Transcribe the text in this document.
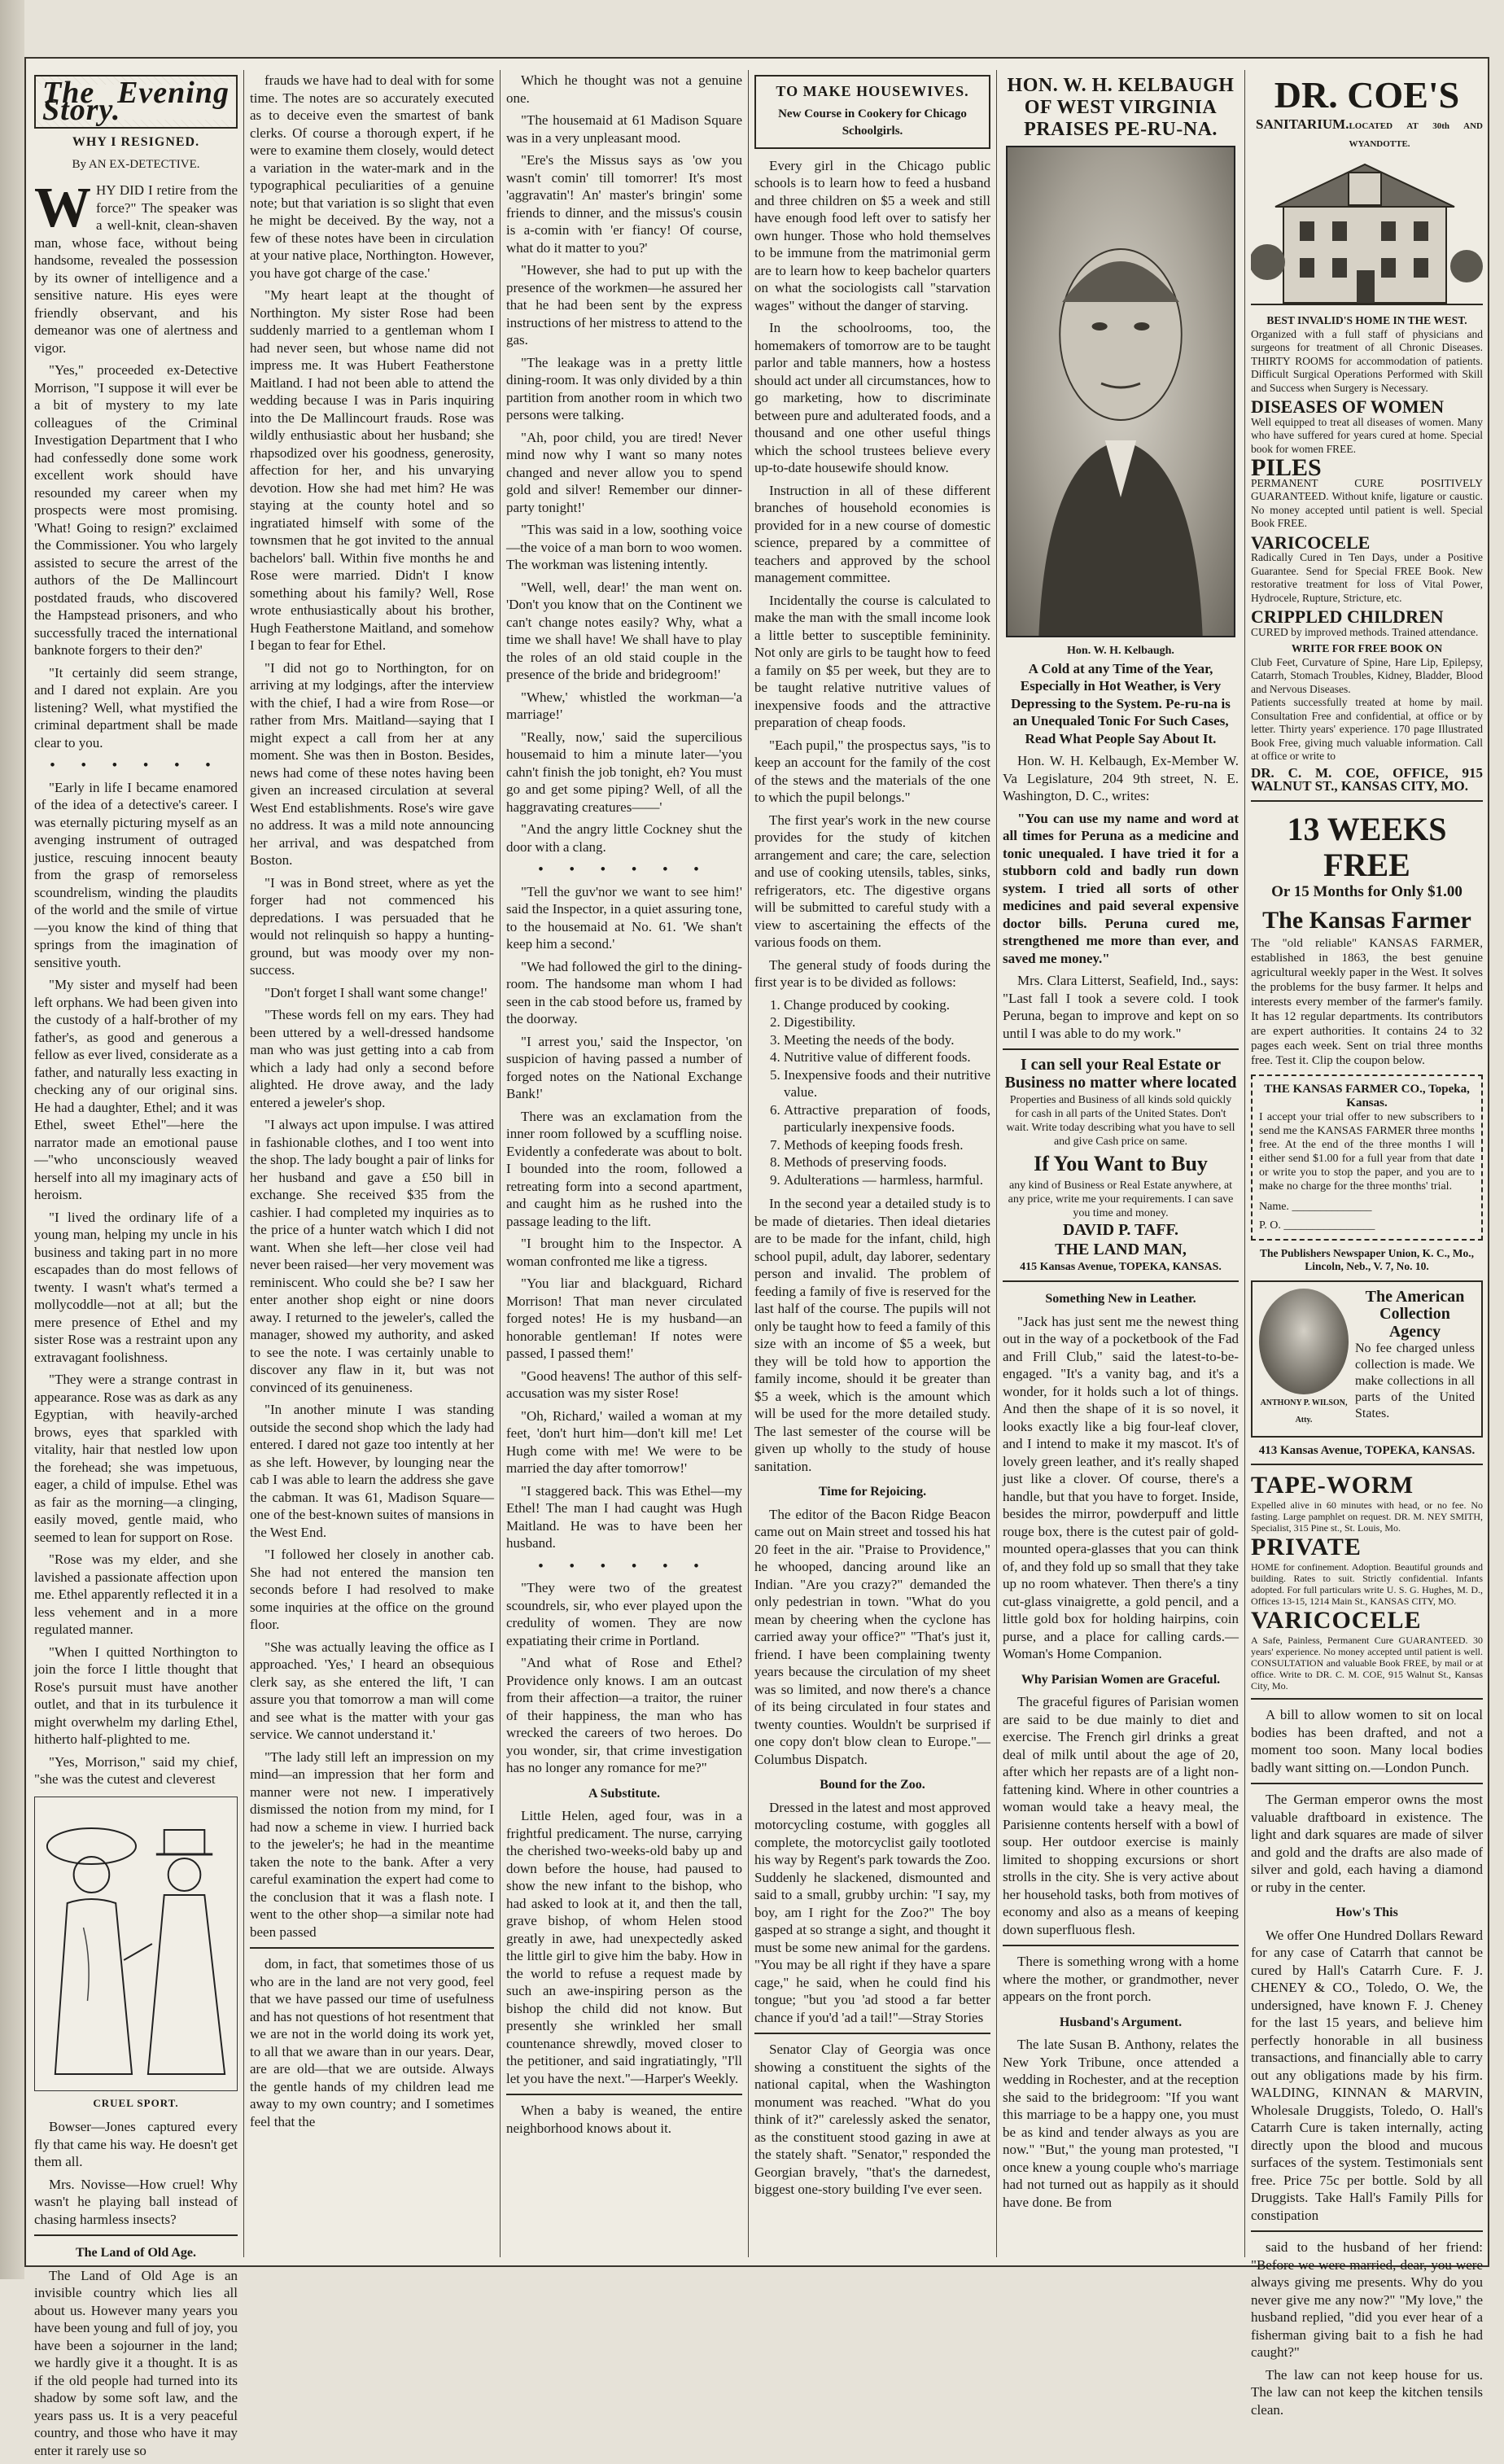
The Evening Story.
WHY I RESIGNED.
By AN EX-DETECTIVE.

WHY DID I retire from the force?" The speaker was a well-knit, clean-shaven man, whose face, without being handsome, revealed the possession by its owner of intelligence and a sensitive nature. His eyes were friendly observant, and his demeanor was one of alertness and vigor.

"Yes," proceeded ex-Detective Morrison, "I suppose it will ever be a bit of mystery to my late colleagues of the Criminal Investigation Department that I who had confessedly done some work excellent work should have resounded my career when my prospects were most promising. 'What! Going to resign?' exclaimed the Commissioner. You who largely assisted to secure the arrest of the authors of the De Mallincourt postdated frauds, who discovered the Hampstead prisoners, and who successfully traced the international banknote forgers to their den?'

"It certainly did seem strange, and I dared not explain. Are you listening? Well, what mystified the criminal department shall be made clear to you.

• • • • • •

"Early in life I became enamored of the idea of a detective's career. I was eternally picturing myself as an avenging instrument of outraged justice, rescuing innocent beauty from the grasp of remorseless scoundrelism, winding the plaudits of the world and the smile of virtue—you know the kind of thing that springs from the imagination of sensitive youth.

"My sister and myself had been left orphans. We had been given into the custody of a half-brother of my father's, as good and generous a fellow as ever lived, considerate as a father, and naturally less exacting in checking any of our original sins. He had a daughter, Ethel; and it was Ethel, sweet Ethel"—here the narrator made an emotional pause—"who unconsciously weaved herself into all my imaginary acts of heroism.

"I lived the ordinary life of a young man, helping my uncle in his business and taking part in no more escapades than do most fellows of twenty. I wasn't what's termed a mollycoddle—not at all; but the mere presence of Ethel and my sister Rose was a restraint upon any extravagant foolishness.

"They were a strange contrast in appearance. Rose was as dark as any Egyptian, with heavily-arched brows, eyes that sparkled with vitality, hair that nestled low upon the forehead; she was impetuous, eager, a child of impulse. Ethel was as fair as the morning—a clinging, easily moved, gentle maid, who seemed to lean for support on Rose.

"Rose was my elder, and she lavished a passionate affection upon me. Ethel apparently reflected it in a less vehement and in a more regulated manner.

"When I quitted Northington to join the force I little thought that Rose's pursuit must have another outlet, and that in its turbulence it might overwhelm my darling Ethel, hitherto half-plighted to me.

"Yes, Morrison," said my chief, "she was the cutest and cleverest

CRUEL SPORT.

Bowser—Jones captured every fly that came his way. He doesn't get them all.

Mrs. Novisse—How cruel! Why wasn't he playing ball instead of chasing harmless insects?

The Land of Old Age.

The Land of Old Age is an invisible country which lies all about us. However many years you have been young and full of joy, you have been a sojourner in the land; we hardly give it a thought. It is as if the old people had turned into its shadow by some soft law, and the years pass us. It is a very peaceful country, and those who have it may enter it rarely use so

frauds we have had to deal with for some time. The notes are so accurately executed as to deceive even the smartest of bank clerks. Of course a thorough expert, if he were to examine them closely, would detect a variation in the water-mark and in the typographical peculiarities of a genuine note; but that variation is so slight that even he might be deceived. By the way, not a few of these notes have been in circulation at your native place, Northington. However, you have got charge of the case.'

"My heart leapt at the thought of Northington. My sister Rose had been suddenly married to a gentleman whom I had never seen, but whose name did not impress me. It was Hubert Featherstone Maitland. I had not been able to attend the wedding because I was in Paris inquiring into the De Mallincourt frauds. Rose was wildly enthusiastic about her husband; she rhapsodized over his goodness, generosity, affection for her, and his unvarying devotion. How she had met him? He was staying at the county hotel and so ingratiated himself with some of the townsmen that he got invited to the annual bachelors' ball. Within five months he and Rose were married. Didn't I know something about his family? Well, Rose wrote enthusiastically about his brother, Hugh Featherstone Maitland, and somehow I began to fear for Ethel.

"I did not go to Northington, for on arriving at my lodgings, after the interview with the chief, I had a wire from Rose—or rather from Mrs. Maitland—saying that I might expect a call from her at any moment. She was then in Boston. Besides, news had come of these notes having been given an increased circulation at several West End establishments. Rose's wire gave no address. It was a mild note announcing her arrival, and was despatched from Boston.

"I was in Bond street, where as yet the forger had not commenced his depredations. I was persuaded that he would not relinquish so happy a hunting-ground, but was moody over my non-success.

"Don't forget I shall want some change!'

"These words fell on my ears. They had been uttered by a well-dressed handsome man who was just getting into a cab from which a lady had only a second before alighted. He drove away, and the lady entered a jeweler's shop.

"I always act upon impulse. I was attired in fashionable clothes, and I too went into the shop. The lady bought a pair of links for her husband and gave a £50 bill in exchange. She received $35 from the cashier. I had completed my inquiries as to the price of a hunter watch which I did not want. When she left—her close veil had never been raised—her very movement was reminiscent. Who could she be? I saw her enter another shop eight or nine doors away. I returned to the jeweler's, called the manager, showed my authority, and asked to see the note. I was certainly unable to discover any flaw in it, but was not convinced of its genuineness.

"In another minute I was standing outside the second shop which the lady had entered. I dared not gaze too intently at her as she left. However, by lounging near the cab I was able to learn the address she gave the cabman. It was 61, Madison Square—one of the best-known suites of mansions in the West End.

"I followed her closely in another cab. She had not entered the mansion ten seconds before I had resolved to make some inquiries at the office on the ground floor.

"She was actually leaving the office as I approached. 'Yes,' I heard an obsequious clerk say, as she entered the lift, 'I can assure you that tomorrow a man will come and see what is the matter with your gas service. We cannot understand it.'

"The lady still left an impression on my mind—an impression that her form and manner were not new. I imperatively dismissed the notion from my mind, for I had now a scheme in view. I hurried back to the jeweler's; he had in the meantime taken the note to the bank. After a very careful examination the expert had come to the conclusion that it was a flash note. I went to the other shop—a similar note had been passed

dom, in fact, that sometimes those of us who are in the land are not very good, feel that we have passed our time of usefulness and has not questions of hot resentment that we are not in the world doing its work yet, to all that we aware than in our years. Dear, are are old—that we are outside. Always the gentle hands of my children lead me away to my own country; and I sometimes feel that the

Which he thought was not a genuine one.

"The housemaid at 61 Madison Square was in a very unpleasant mood.

"Ere's the Missus says as 'ow you wasn't comin' till tomorrer! It's most 'aggravatin'! An' master's bringin' some friends to dinner, and the missus's cousin is a-comin with 'er fiancy! Of course, what do it matter to you?'

"However, she had to put up with the presence of the workmen—he assured her that he had been sent by the express instructions of her mistress to attend to the gas.

"The leakage was in a pretty little dining-room. It was only divided by a thin partition from another room in which two persons were talking.

"Ah, poor child, you are tired! Never mind now why I want so many notes changed and never allow you to spend gold and silver! Remember our dinner-party tonight!'

"This was said in a low, soothing voice—the voice of a man born to woo women. The workman was listening intently.

"Well, well, dear!' the man went on. 'Don't you know that on the Continent we can't change notes easily? Why, what a time we shall have! We shall have to play the roles of an old staid couple in the presence of the bride and bridegroom!'

"Whew,' whistled the workman—'a marriage!'

"Really, now,' said the supercilious housemaid to him a minute later—'you cahn't finish the job tonight, eh? You must go and get some piping? Well, of all the haggravating creatures——'

"And the angry little Cockney shut the door with a clang.

• • • • • •

"Tell the guv'nor we want to see him!' said the Inspector, in a quiet assuring tone, to the housemaid at No. 61. 'We shan't keep him a second.'

"We had followed the girl to the dining-room. The handsome man whom I had seen in the cab stood before us, framed by the doorway.

"I arrest you,' said the Inspector, 'on suspicion of having passed a number of forged notes on the National Exchange Bank!'

There was an exclamation from the inner room followed by a scuffling noise. Evidently a confederate was about to bolt. I bounded into the room, followed a retreating form into a second apartment, and caught him as he rushed into the passage leading to the lift.

"I brought him to the Inspector. A woman confronted me like a tigress.

"You liar and blackguard, Richard Morrison! That man never circulated forged notes! He is my husband—an honorable gentleman! If notes were passed, I passed them!'

"Good heavens! The author of this self-accusation was my sister Rose!

"Oh, Richard,' wailed a woman at my feet, 'don't hurt him—don't kill me! Let Hugh come with me! We were to be married the day after tomorrow!'

"I staggered back. This was Ethel—my Ethel! The man I had caught was Hugh Maitland. He was to have been her husband.

• • • • • •

"They were two of the greatest scoundrels, sir, who ever played upon the credulity of women. They are now expatiating their crime in Portland.

"And what of Rose and Ethel? Providence only knows. I am an outcast from their affection—a traitor, the ruiner of their happiness, the man who has wrecked the careers of two heroes. Do you wonder, sir, that crime investigation has no longer any romance for me?"

A Substitute.

Little Helen, aged four, was in a frightful predicament. The nurse, carrying the cherished two-weeks-old baby up and down before the house, had paused to show the new infant to the bishop, who had asked to look at it, and then the tall, grave bishop, of whom Helen stood greatly in awe, had unexpectedly asked the little girl to give him the baby. How in the world to refuse a request made by such an awe-inspiring person as the bishop the child did not know. But presently she wrinkled her small countenance shrewdly, moved closer to the petitioner, and said ingratiatingly, "I'll let you have the next."—Harper's Weekly.

When a baby is weaned, the entire neighborhood knows about it.

TO MAKE HOUSEWIVES.
New Course in Cookery for Chicago Schoolgirls.

Every girl in the Chicago public schools is to learn how to feed a husband and three children on $5 a week and still have enough food left over to satisfy her own hunger. Those who hold themselves to be immune from the matrimonial germ are to learn how to keep bachelor quarters on what the sociologists call "starvation wages" without the danger of starving.

In the schoolrooms, too, the homemakers of tomorrow are to be taught parlor and table manners, how a hostess should act under all circumstances, how to go marketing, how to discriminate between pure and adulterated foods, and a thousand and one other useful things which the school trustees believe every up-to-date housewife should know.

Instruction in all of these different branches of household economies is provided for in a new course of domestic science, prepared by a committee of teachers and approved by the school management committee.

Incidentally the course is calculated to make the man with the small income look a little better to susceptible femininity. Not only are girls to be taught how to feed a family on $5 per week, but they are to be taught relative nutritive values of inexpensive foods and the attractive preparation of cheap foods.

"Each pupil," the prospectus says, "is to keep an account for the family of the cost of the stews and the materials of the one to which the pupil belongs."

The first year's work in the new course provides for the study of kitchen arrangement and care; the care, selection and use of cooking utensils, tables, sinks, refrigerators, etc. The digestive organs will be submitted to careful study with a view to ascertaining the effects of the various foods on them.

The general study of foods during the first year is to be divided as follows:

1. Change produced by cooking.
2. Digestibility.
3. Meeting the needs of the body.
4. Nutritive value of different foods.
5. Inexpensive foods and their nutritive value.
6. Attractive preparation of foods, particularly inexpensive foods.
7. Methods of keeping foods fresh.
8. Methods of preserving foods.
9. Adulterations — harmless, harmful.

In the second year a detailed study is to be made of dietaries. Then ideal dietaries are to be made for the infant, child, high school pupil, adult, day laborer, sedentary person and invalid. The problem of feeding a family of five is reserved for the last half of the course. The pupils will not only be taught how to feed a family of this size with an income of $5 a week, but they will be told how to apportion the family income, should it be greater than $5 a week, which is the amount which will be used for the more detailed study. The last semester of the course will be given up wholly to the study of house sanitation.

Time for Rejoicing.

The editor of the Bacon Ridge Beacon came out on Main street and tossed his hat 20 feet in the air. "Praise to Providence," he whooped, dancing around like an Indian. "Are you crazy?" demanded the only pedestrian in town. "What do you mean by cheering when the cyclone has carried away your office?" "That's just it, friend. I have been complaining twenty years because the circulation of my sheet was so limited, and now there's a chance of its being circulated in four states and twenty counties. Wouldn't be surprised if one copy don't blow clean to Europe."—Columbus Dispatch.

Bound for the Zoo.

Dressed in the latest and most approved motorcycling costume, with goggles all complete, the motorcyclist gaily tootloted his way by Regent's park towards the Zoo. Suddenly he slackened, dismounted and said to a small, grubby urchin: "I say, my boy, am I right for the Zoo?" The boy gasped at so strange a sight, and thought it must be some new animal for the gardens. "You may be all right if they have a spare cage," he said, when he could find his tongue; "but you 'ad stood a far better chance if you'd 'ad a tail!"—Stray Stories

Senator Clay of Georgia was once showing a constituent the sights of the national capital, when the Washington monument was reached. "What do you think of it?" carelessly asked the senator, as the constituent stood gazing in awe at the stately shaft. "Senator," responded the Georgian bravely, "that's the darnedest, biggest one-story building I've ever seen.

HON. W. H. KELBAUGH OF WEST VIRGINIA PRAISES PE-RU-NA.
Hon. W. H. Kelbaugh.

A Cold at any Time of the Year, Especially in Hot Weather, is Very Depressing to the System. Pe-ru-na is an Unequaled Tonic For Such Cases, Read What People Say About It.

Hon. W. H. Kelbaugh, Ex-Member W. Va Legislature, 204 9th street, N. E. Washington, D. C., writes:

"You can use my name and word at all times for Peruna as a medicine and tonic unequaled. I have tried it for a stubborn cold and badly run down system. I tried all sorts of other medicines and paid several expensive doctor bills. Peruna cured me, strengthened me more than ever, and saved me money."

Mrs. Clara Litterst, Seafield, Ind., says: "Last fall I took a severe cold. I took Peruna, began to improve and kept on so until I was able to do my work."

I can sell your Real Estate or Business no matter where located
Properties and Business of all kinds sold quickly for cash in all parts of the United States. Don't wait. Write today describing what you have to sell and give Cash price on same.
If You Want to Buy
any kind of Business or Real Estate anywhere, at any price, write me your requirements. I can save you time and money.
DAVID P. TAFF.
THE LAND MAN,
415 Kansas Avenue, TOPEKA, KANSAS.
Something New in Leather.

"Jack has just sent me the newest thing out in the way of a pocketbook of the Fad and Frill Club," said the latest-to-be-engaged. "It's a vanity bag, and it's a wonder, for it holds such a lot of things. And then the shape of it is so novel, it looks exactly like a big four-leaf clover, and I intend to make it my mascot. It's of lovely green leather, and it's really shaped just like a clover. Of course, there's a handle, but that you have to forget. Inside, besides the mirror, powderpuff and little rouge box, there is the cutest pair of gold-mounted opera-glasses that you can think of, and they fold up so small that they take up no room whatever. Then there's a tiny cut-glass vinaigrette, a gold pencil, and a little gold box for holding hairpins, coin purse, and a place for calling cards.—Woman's Home Companion.

Why Parisian Women are Graceful.

The graceful figures of Parisian women are said to be due mainly to diet and exercise. The French girl drinks a great deal of milk until about the age of 20, after which her repasts are of a light non-fattening kind. Where in other countries a woman would take a heavy meal, the Parisienne contents herself with a bowl of soup. Her outdoor exercise is mainly limited to shopping excursions or short strolls in the city. She is very active about her household tasks, both from motives of economy and also as a means of keeping down superfluous flesh.

There is something wrong with a home where the mother, or grandmother, never appears on the front porch.

Husband's Argument.

The late Susan B. Anthony, relates the New York Tribune, once attended a wedding in Rochester, and at the reception she said to the bridegroom: "If you want this marriage to be a happy one, you must be as kind and tender always as you are now." "But," the young man protested, "I once knew a young couple who's marriage had not turned out as happily as it should have done. Be from

DR. COE'S
SANITARIUM. LOCATED AT 30th AND WYANDOTTE.
BEST INVALID'S HOME IN THE WEST.
Organized with a full staff of physicians and surgeons for treatment of all Chronic Diseases. THIRTY ROOMS for accommodation of patients. Difficult Surgical Operations Performed with Skill and Success when Surgery is Necessary.
DISEASES OF WOMEN
Well equipped to treat all diseases of women. Many who have suffered for years cured at home. Special book for women FREE.
PILES
PERMANENT CURE POSITIVELY GUARANTEED. Without knife, ligature or caustic. No money accepted until patient is well. Special Book FREE.
VARICOCELE
Radically Cured in Ten Days, under a Positive Guarantee. Send for Special FREE Book. New restorative treatment for loss of Vital Power, Hydrocele, Rupture, Stricture, etc.
CRIPPLED CHILDREN
CURED by improved methods. Trained attendance.
WRITE FOR FREE BOOK ON
Club Feet, Curvature of Spine, Hare Lip, Epilepsy, Catarrh, Stomach Troubles, Kidney, Bladder, Blood and Nervous Diseases.
Patients successfully treated at home by mail. Consultation Free and confidential, at office or by letter. Thirty years' experience. 170 page Illustrated Book Free, giving much valuable information. Call at office or write to
DR. C. M. COE, OFFICE, 915 WALNUT ST., KANSAS CITY, MO.
13 WEEKS FREE
Or 15 Months for Only $1.00
The Kansas Farmer
The "old reliable" KANSAS FARMER, established in 1863, the best genuine agricultural weekly paper in the West. It solves the problems for the busy farmer. It helps and interests every member of the farmer's family. It has 12 regular departments. Its contributors are expert authorities. It contains 24 to 32 pages each week. Sent on trial three months free. Test it. Clip the coupon below.
THE KANSAS FARMER CO., Topeka, Kansas.
I accept your trial offer to new subscribers to send me the KANSAS FARMER three months free. At the end of the three months I will either send $1.00 for a full year from that date or write you to stop the paper, and you are to make no charge for the three months' trial.
Name. ______________
P. O. ________________
The Publishers Newspaper Union, K. C., Mo., Lincoln, Neb., V. 7, No. 10.
ANTHONY P. WILSON, Atty.
The American Collection Agency
No fee charged unless collection is made. We make collections in all parts of the United States.
413 Kansas Avenue, TOPEKA, KANSAS.
TAPE-WORM
Expelled alive in 60 minutes with head, or no fee. No fasting. Large pamphlet on request. DR. M. NEY SMITH, Specialist, 315 Pine st., St. Louis, Mo.
PRIVATE
HOME for confinement. Adoption. Beautiful grounds and building. Rates to suit. Strictly confidential. Infants adopted. For full particulars write U. S. G. Hughes, M. D., Offices 13-15, 1214 Main St., KANSAS CITY, MO.
VARICOCELE
A Safe, Painless, Permanent Cure GUARANTEED. 30 years' experience. No money accepted until patient is well. CONSULTATION and valuable Book FREE, by mail or at office. Write to DR. C. M. COE, 915 Walnut St., Kansas City, Mo.

A bill to allow women to sit on local bodies has been drafted, and not a moment too soon. Many local bodies badly want sitting on.—London Punch.

The German emperor owns the most valuable draftboard in existence. The light and dark squares are made of silver and gold and the drafts are also made of silver and gold, each having a diamond or ruby in the center.

How's This

We offer One Hundred Dollars Reward for any case of Catarrh that cannot be cured by Hall's Catarrh Cure. F. J. CHENEY & CO., Toledo, O. We, the undersigned, have known F. J. Cheney for the last 15 years, and believe him perfectly honorable in all business transactions, and financially able to carry out any obligations made by his firm. WALDING, KINNAN & MARVIN, Wholesale Druggists, Toledo, O. Hall's Catarrh Cure is taken internally, acting directly upon the blood and mucous surfaces of the system. Testimonials sent free. Price 75c per bottle. Sold by all Druggists. Take Hall's Family Pills for constipation

said to the husband of her friend: "Before we were married, dear, you were always giving me presents. Why do you never give me any now?" "My love," the husband replied, "did you ever hear of a fisherman giving bait to a fish he had caught?"

The law can not keep house for us. The law can not keep the kitchen tensils clean.
